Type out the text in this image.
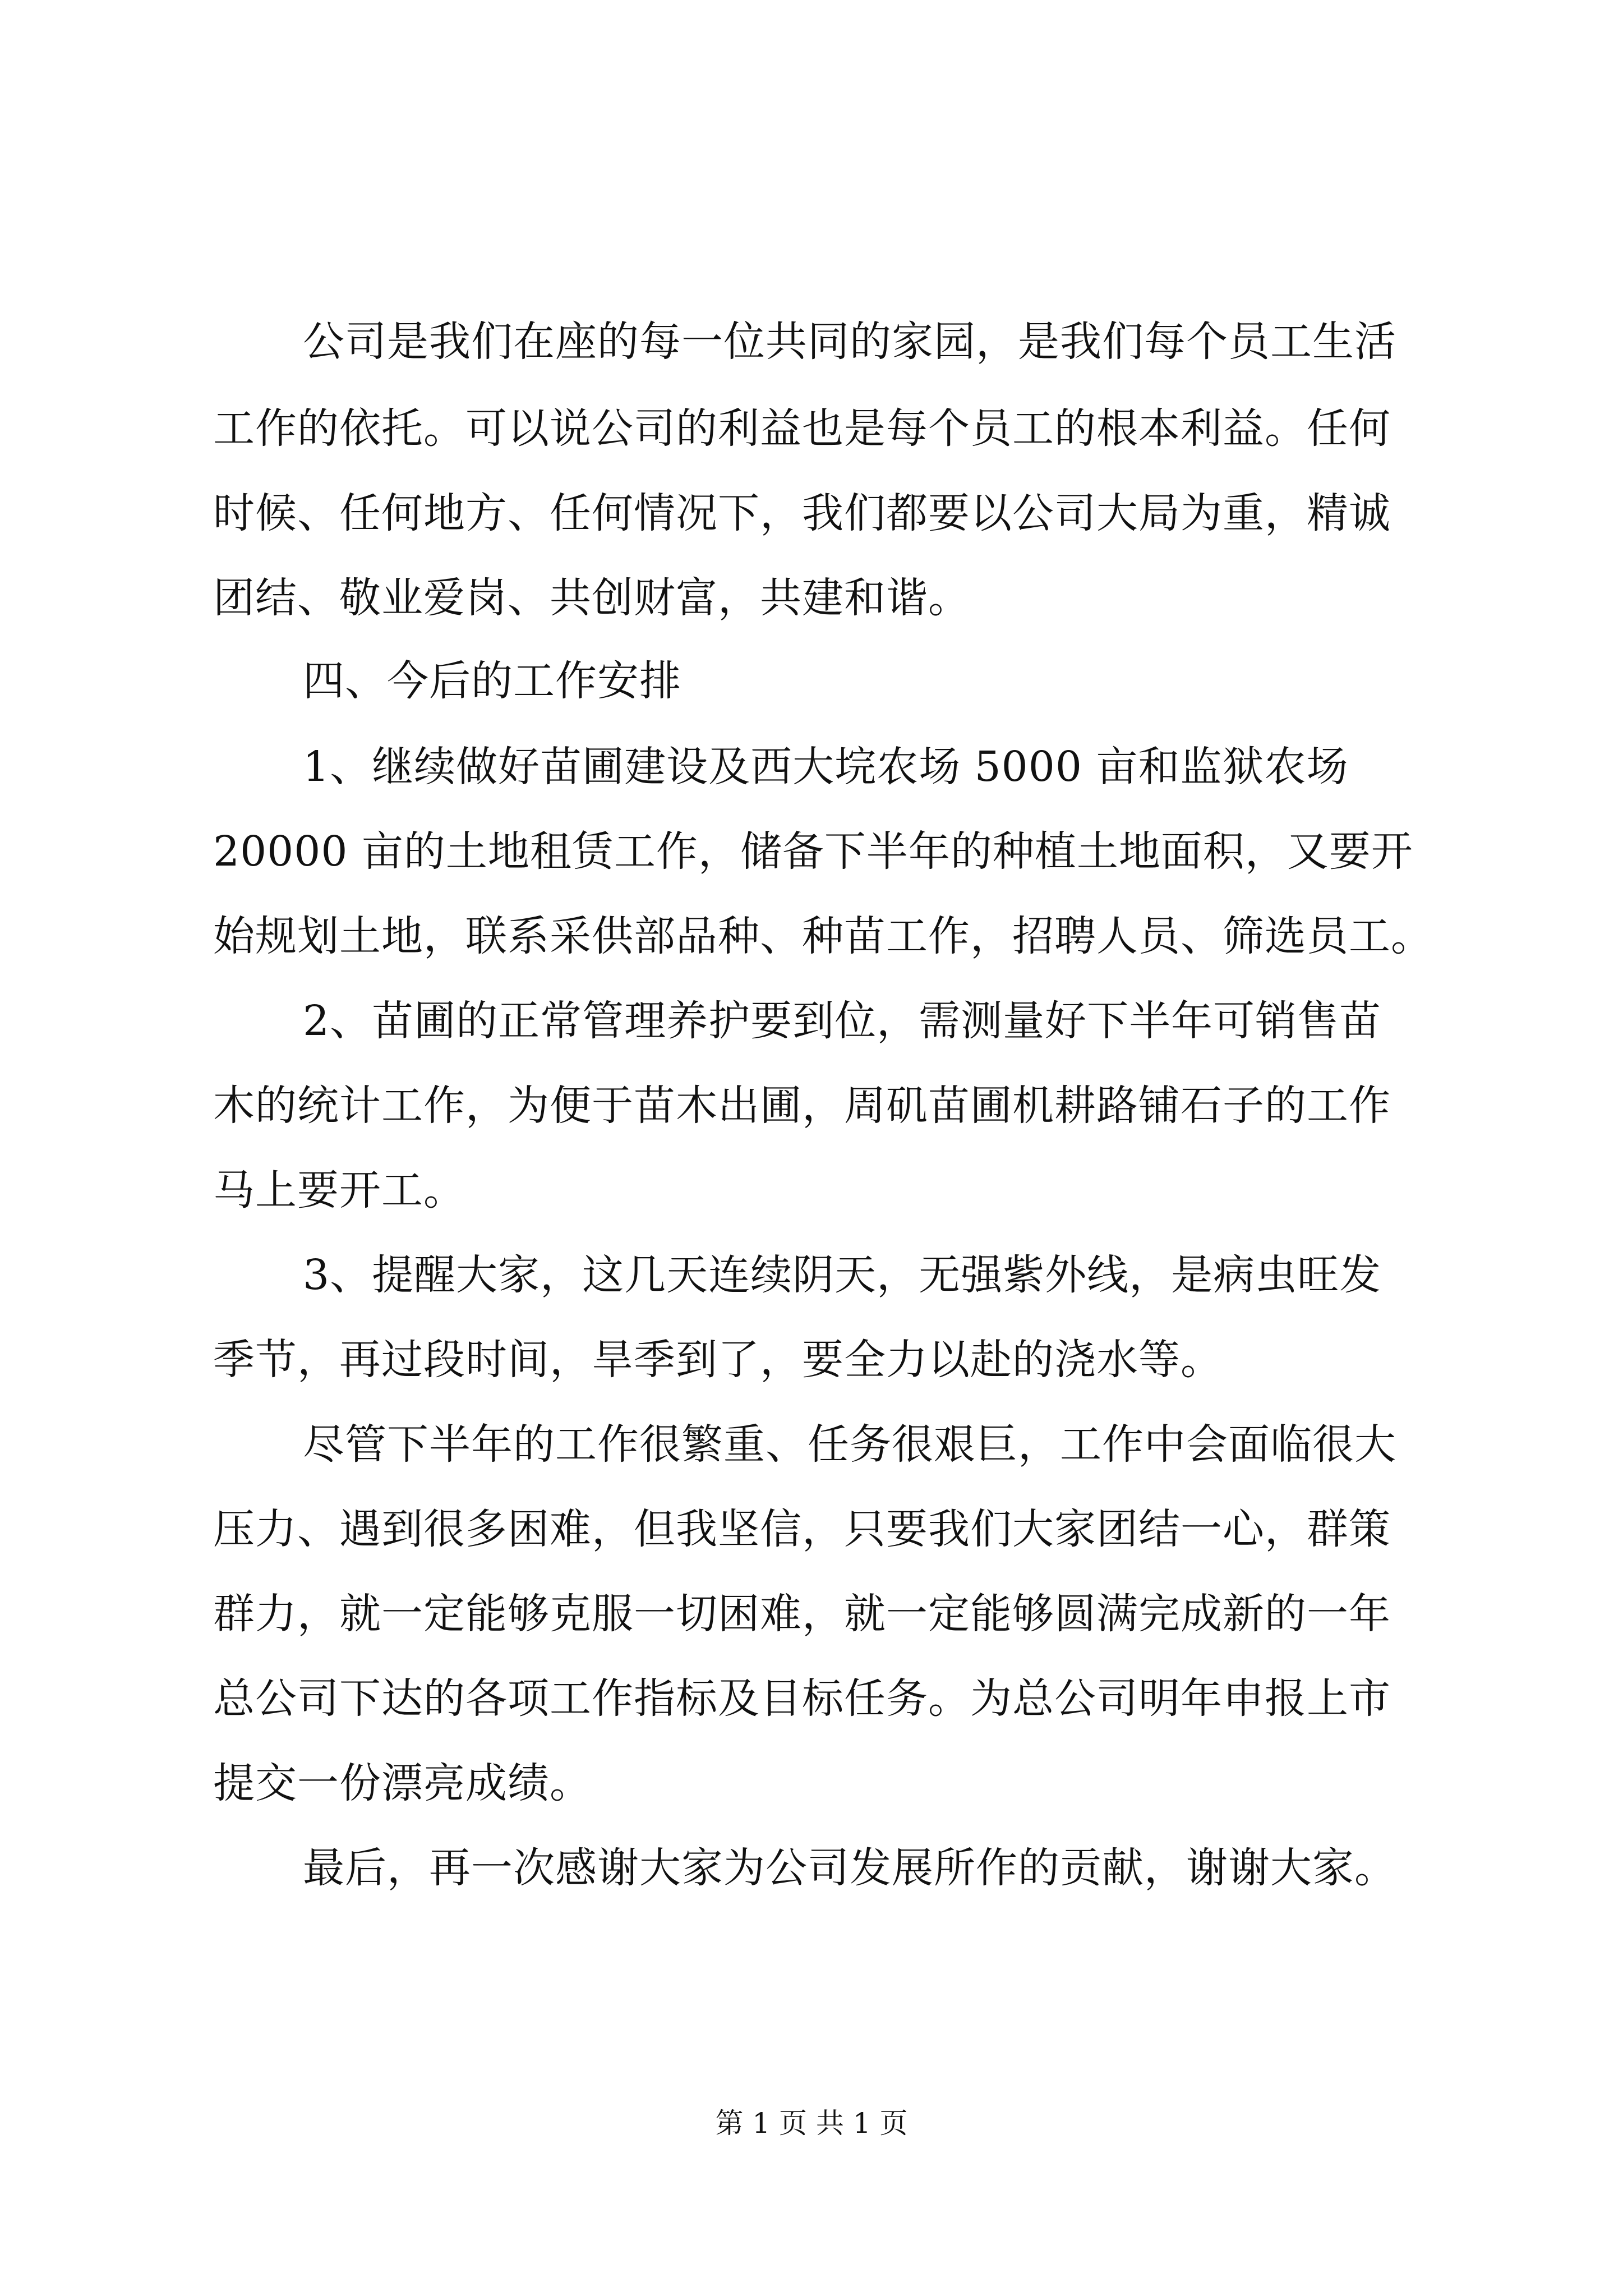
公司是我们在座的每一位共同的家园，是我们每个员工生活
工作的依托。可以说公司的利益也是每个员工的根本利益。任何
时候、任何地方、任何情况下，我们都要以公司大局为重，精诚
团结、敬业爱岗、共创财富，共建和谐。
四、今后的工作安排
1、继续做好苗圃建设及西大垸农场 5000 亩和监狱农场
20000 亩的土地租赁工作，储备下半年的种植土地面积，又要开
始规划土地，联系采供部品种、种苗工作，招聘人员、筛选员工。
2、苗圃的正常管理养护要到位，需测量好下半年可销售苗
木的统计工作，为便于苗木出圃，周矶苗圃机耕路铺石子的工作
马上要开工。
3、提醒大家，这几天连续阴天，无强紫外线，是病虫旺发
季节，再过段时间，旱季到了，要全力以赴的浇水等。
尽管下半年的工作很繁重、任务很艰巨，工作中会面临很大
压力、遇到很多困难，但我坚信，只要我们大家团结一心，群策
群力，就一定能够克服一切困难，就一定能够圆满完成新的一年
总公司下达的各项工作指标及目标任务。为总公司明年申报上市
提交一份漂亮成绩。
最后，再一次感谢大家为公司发展所作的贡献，谢谢大家。
第 1 页 共 1 页
